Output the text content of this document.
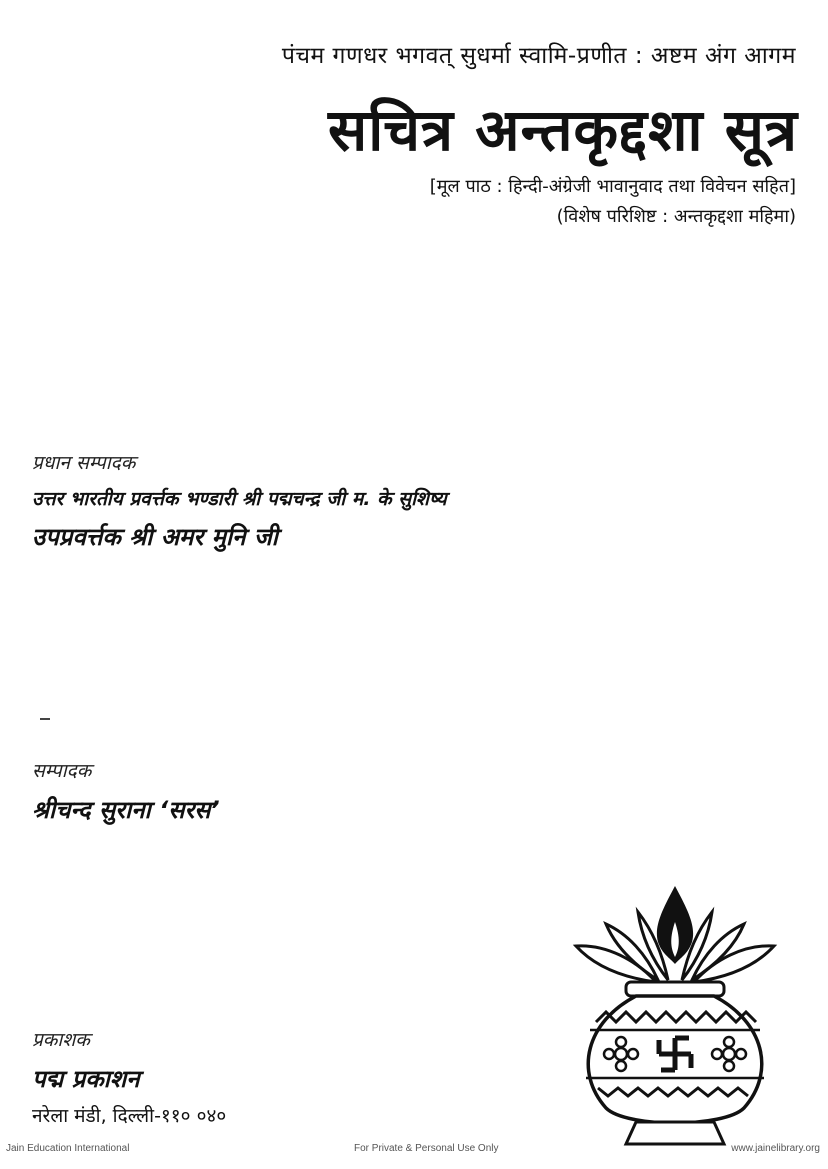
पंचम गणधर भगवत् सुधर्मा स्वामि-प्रणीत : अष्टम अंग आगम
सचित्र अन्तकृद्दशा सूत्र
[मूल पाठ : हिन्दी-अंग्रेजी भावानुवाद तथा विवेचन सहित]
(विशेष परिशिष्ट : अन्तकृद्दशा महिमा)
प्रधान सम्पादक
उत्तर भारतीय प्रवर्त्तक भण्डारी श्री पद्मचन्द्र जी म. के सुशिष्य
उपप्रवर्त्तक श्री अमर मुनि जी
सम्पादक
श्रीचन्द सुराना ‘सरस’
प्रकाशक
पद्म प्रकाशन
नरेला मंडी, दिल्ली-११० ०४०
Jain Education International	For Private & Personal Use Only	www.jainelibrary.org
